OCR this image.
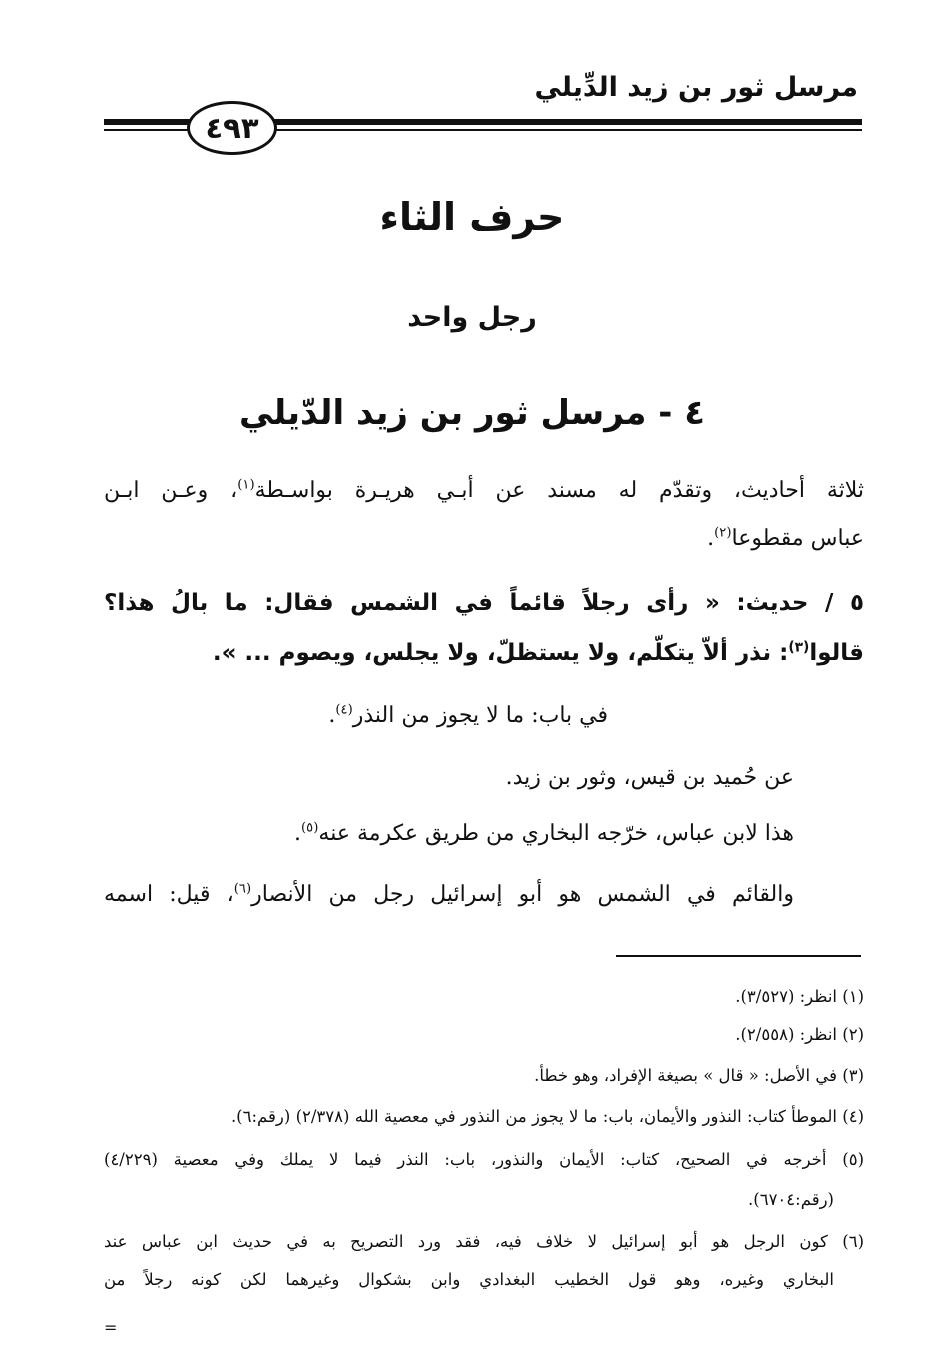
مرسل ثور بن زيد الدِّيلي
٤٩٣
حرف الثاء
رجل واحد
٤ - مرسل ثور بن زيد الدّيلي
ثلاثة أحاديث، وتقدّم له مسند عن أبـي هريـرة بواسـطة$^{(١)}$، وعـن ابـن
عباس مقطوعا$^{(٢)}$.
٥ / حديث: « رأى رجلاً قائماً في الشمس فقال: ما بالُ هذا؟
قالوا$^{(٣)}$: نذر ألاّ يتكلّم، ولا يستظلّ، ولا يجلس، ويصوم ... ».
في باب: ما لا يجوز من النذر$^{(٤)}$.
عن حُميد بن قيس، وثور بن زيد.
هذا لابن عباس، خرّجه البخاري من طريق عكرمة عنه$^{(٥)}$.
والقائم في الشمس هو أبو إسرائيل رجل من الأنصار$^{(٦)}$، قيل: اسمه
(١) انظر: (٣/٥٢٧).
(٢) انظر: (٢/٥٥٨).
(٣) في الأصل: « قال » بصيغة الإفراد، وهو خطأ.
(٤) الموطأ كتاب: النذور والأيمان، باب: ما لا يجوز من النذور في معصية الله (٢/٣٧٨) (رقم:٦).
(٥) أخرجه في الصحيح، كتاب: الأيمان والنذور، باب: النذر فيما لا يملك وفي معصية (٤/٢٢٩)
(رقم:٦٧٠٤).
(٦) كون الرجل هو أبو إسرائيل لا خلاف فيه، فقد ورد التصريح به في حديث ابن عباس عند
البخاري وغيره، وهو قول الخطيب البغدادي وابن بشكوال وغيرهما لكن كونه رجلاً من
=
